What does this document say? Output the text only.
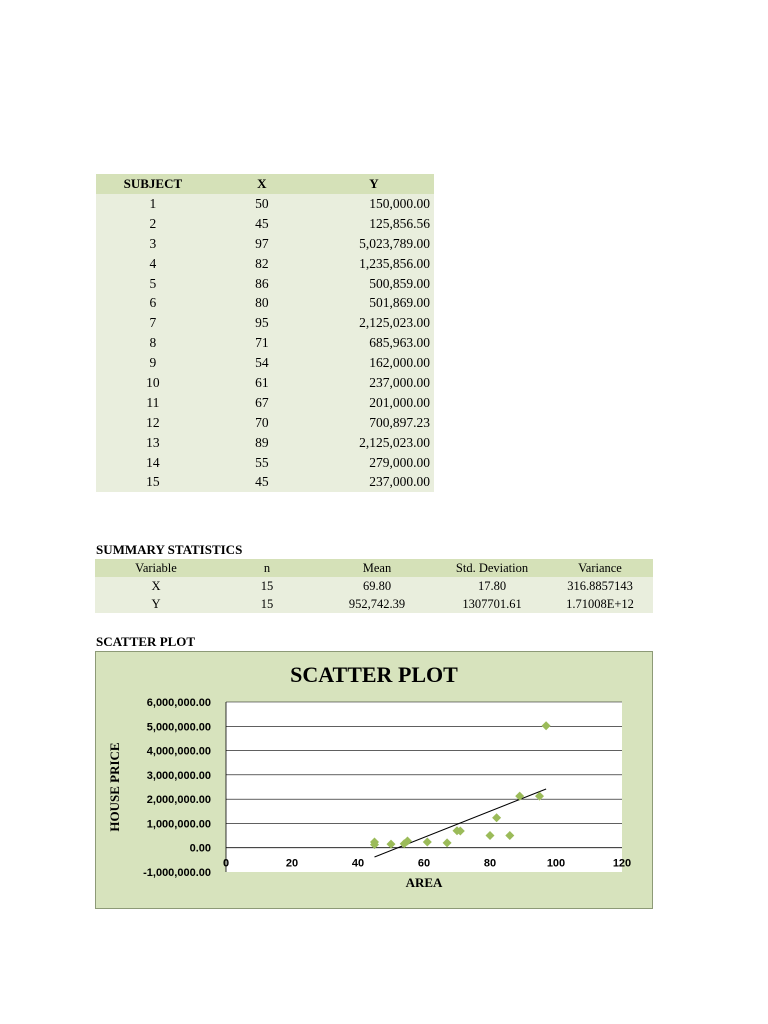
SUBJECT	X	Y
1	50	150,000.00
2	45	125,856.56
3	97	5,023,789.00
4	82	1,235,856.00
5	86	500,859.00
6	80	501,869.00
7	95	2,125,023.00
8	71	685,963.00
9	54	162,000.00
10	61	237,000.00
11	67	201,000.00
12	70	700,897.23
13	89	2,125,023.00
14	55	279,000.00
15	45	237,000.00
SUMMARY STATISTICS
Variable	n	Mean	Std. Deviation	Variance
X	15	69.80	17.80	316.8857143
Y	15	952,742.39	1307701.61	1.71008E+12
SCATTER PLOT
SCATTER PLOT
-1,000,000.00
0.00
1,000,000.00
2,000,000.00
3,000,000.00
4,000,000.00
5,000,000.00
6,000,000.00
0	20	40	60	80	100	120
AREA
HOUSE PRICE
